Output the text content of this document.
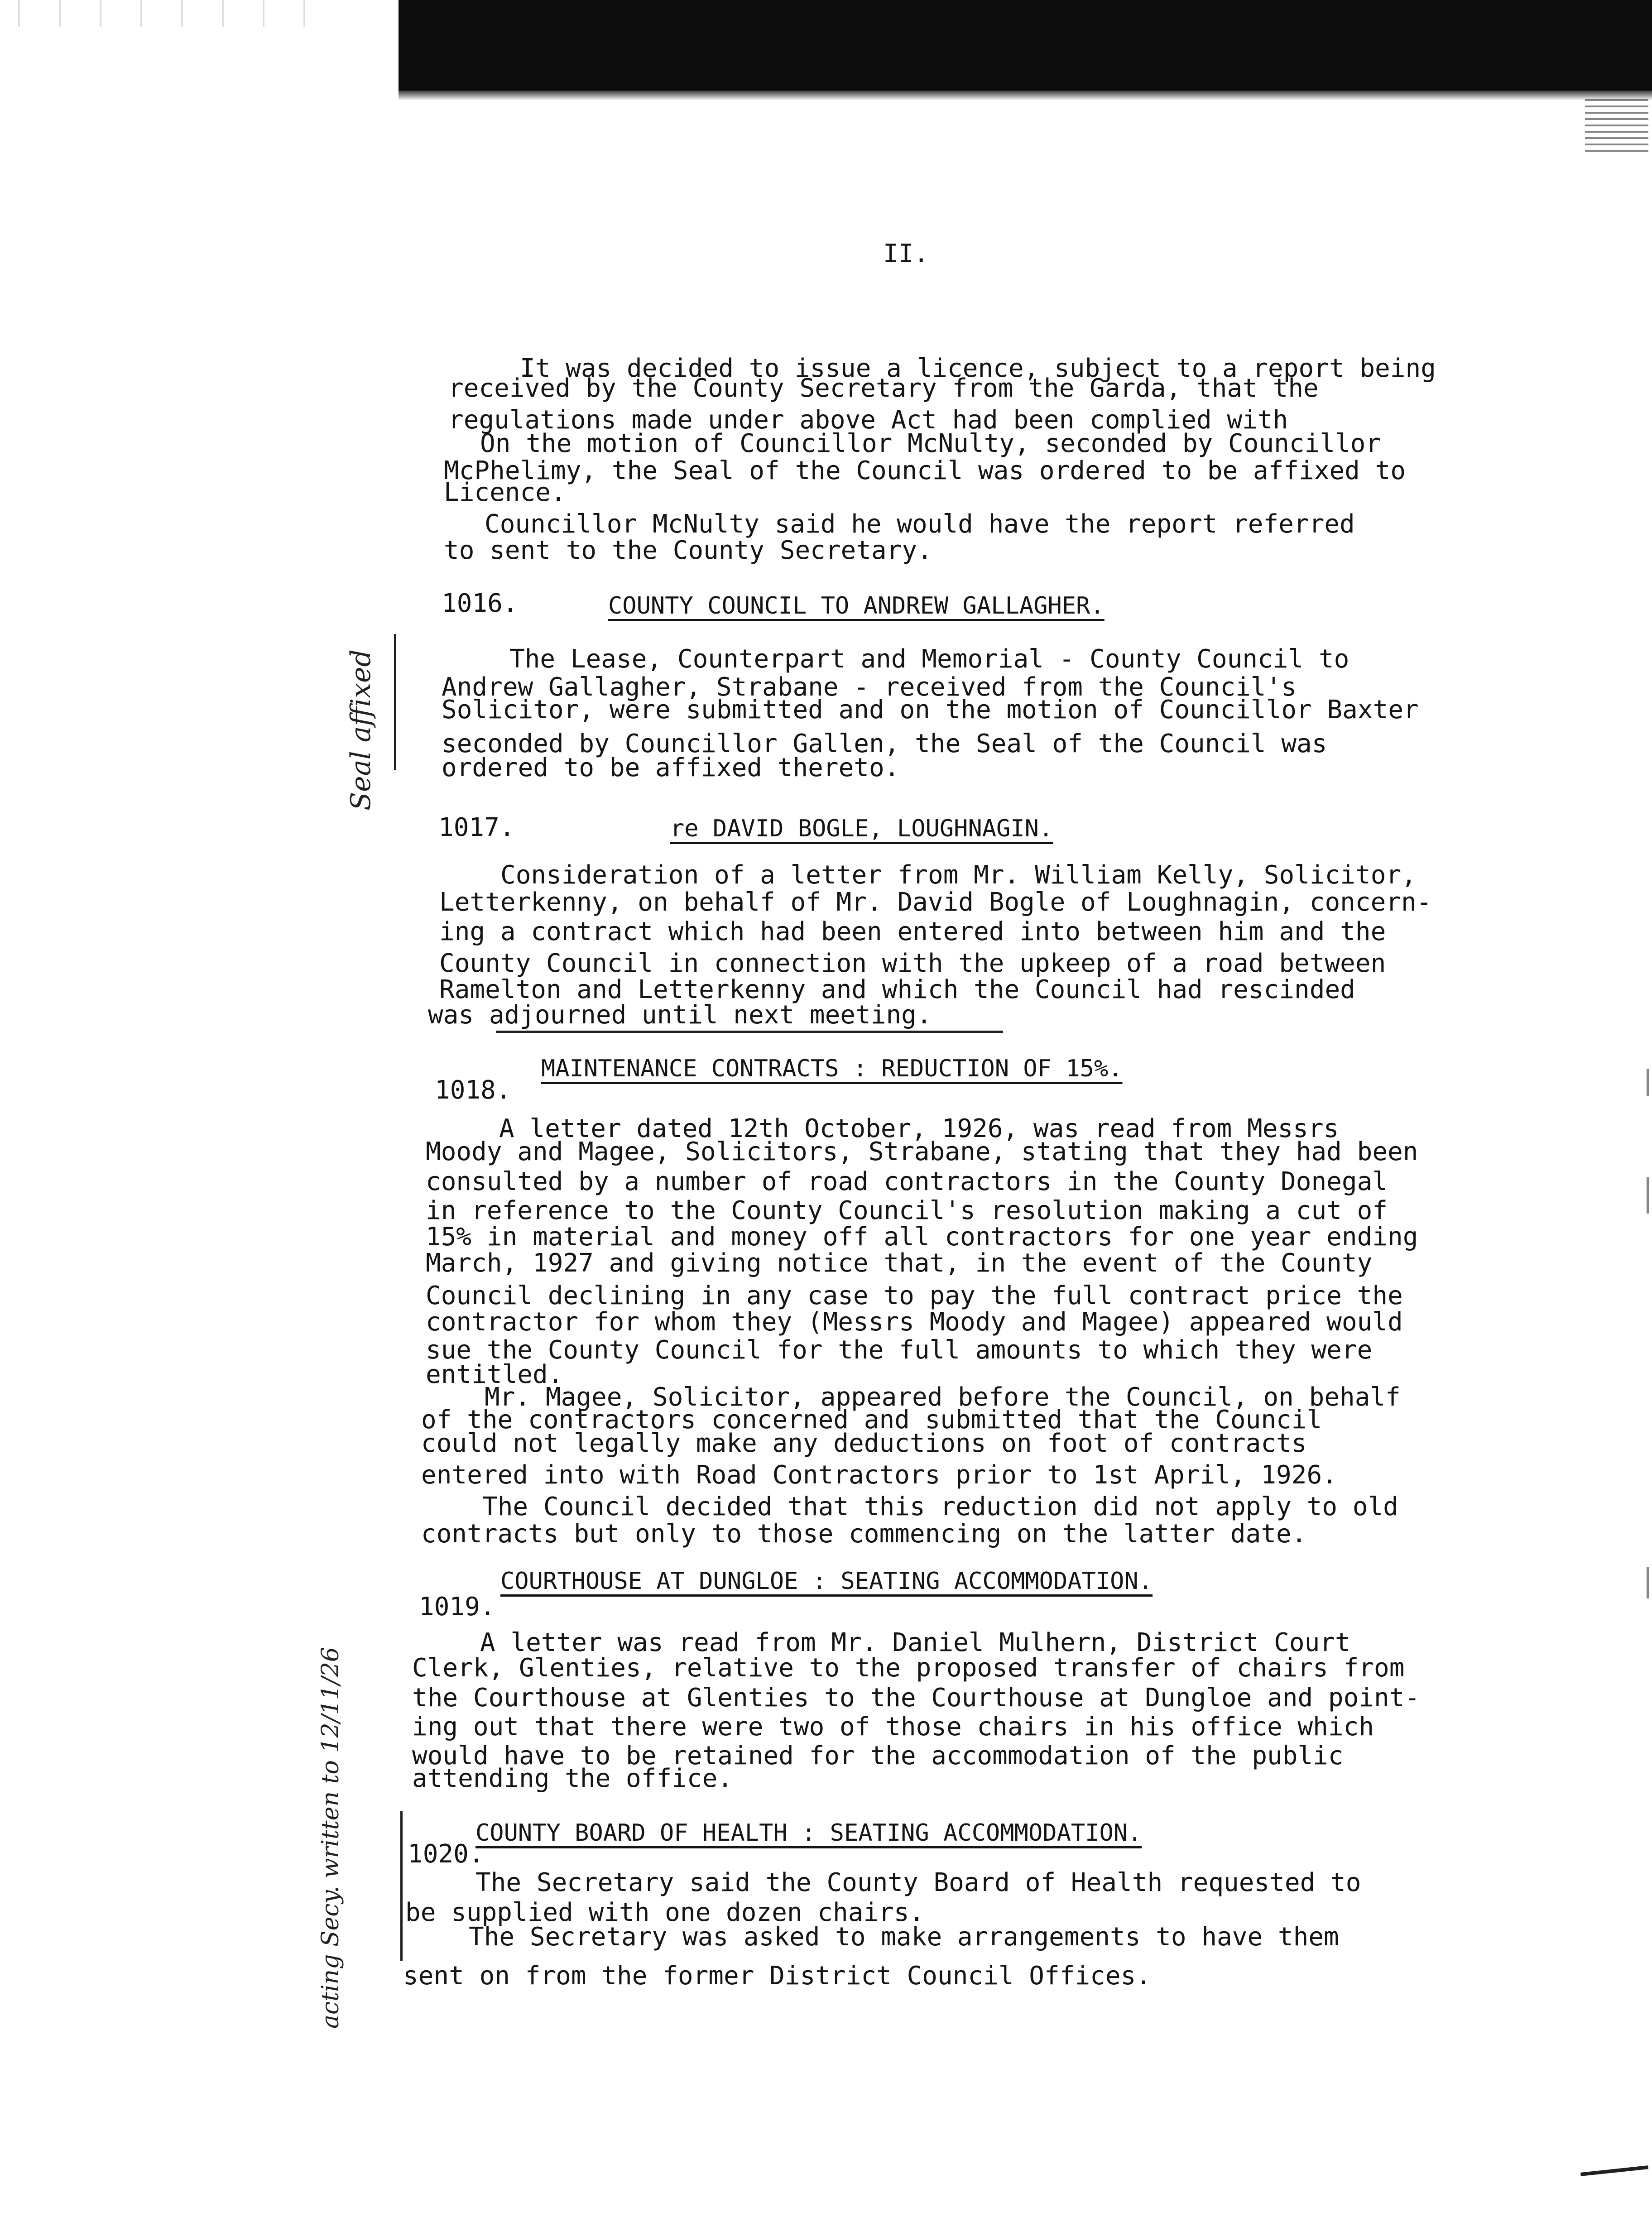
II.
It was decided to issue a licence, subject to a report being
received by the County Secretary from the Garda, that the
regulations made under above Act had been complied with
On the motion of Councillor McNulty, seconded by Councillor
McPhelimy, the Seal of the Council was ordered to be affixed to
Licence.
Councillor McNulty said he would have the report referred
to sent to the County Secretary.
1016.	COUNTY COUNCIL TO ANDREW GALLAGHER.
Seal affixed	The Lease, Counterpart and Memorial - County Council to
Andrew Gallagher, Strabane - received from the Council's
Solicitor, were submitted and on the motion of Councillor Baxter
seconded by Councillor Gallen, the Seal of the Council was
ordered to be affixed thereto.
1017.	re DAVID BOGLE, LOUGHNAGIN.
Consideration of a letter from Mr. William Kelly, Solicitor,
Letterkenny, on behalf of Mr. David Bogle of Loughnagin, concern-
ing a contract which had been entered into between him and the
County Council in connection with the upkeep of a road between
Ramelton and Letterkenny and which the Council had rescinded
was adjourned until next meeting.
MAINTENANCE CONTRACTS : REDUCTION OF 15%.
1018.
A letter dated 12th October, 1926, was read from Messrs
Moody and Magee, Solicitors, Strabane, stating that they had been
consulted by a number of road contractors in the County Donegal
in reference to the County Council's resolution making a cut of
15% in material and money off all contractors for one year ending
March, 1927 and giving notice that, in the event of the County
Council declining in any case to pay the full contract price the
contractor for whom they (Messrs Moody and Magee) appeared would
sue the County Council for the full amounts to which they were
entitled.
Mr. Magee, Solicitor, appeared before the Council, on behalf
of the contractors concerned and submitted that the Council
could not legally make any deductions on foot of contracts
entered into with Road Contractors prior to 1st April, 1926.
The Council decided that this reduction did not apply to old
contracts but only to those commencing on the latter date.
COURTHOUSE AT DUNGLOE : SEATING ACCOMMODATION.
1019.
A letter was read from Mr. Daniel Mulhern, District Court
Clerk, Glenties, relative to the proposed transfer of chairs from
the Courthouse at Glenties to the Courthouse at Dungloe and point-
ing out that there were two of those chairs in his office which
would have to be retained for the accommodation of the public
attending the office.
COUNTY BOARD OF HEALTH : SEATING ACCOMMODATION.
1020.
acting Secy. written to 12/11/26	The Secretary said the County Board of Health requested to
be supplied with one dozen chairs.
The Secretary was asked to make arrangements to have them
sent on from the former District Council Offices.
